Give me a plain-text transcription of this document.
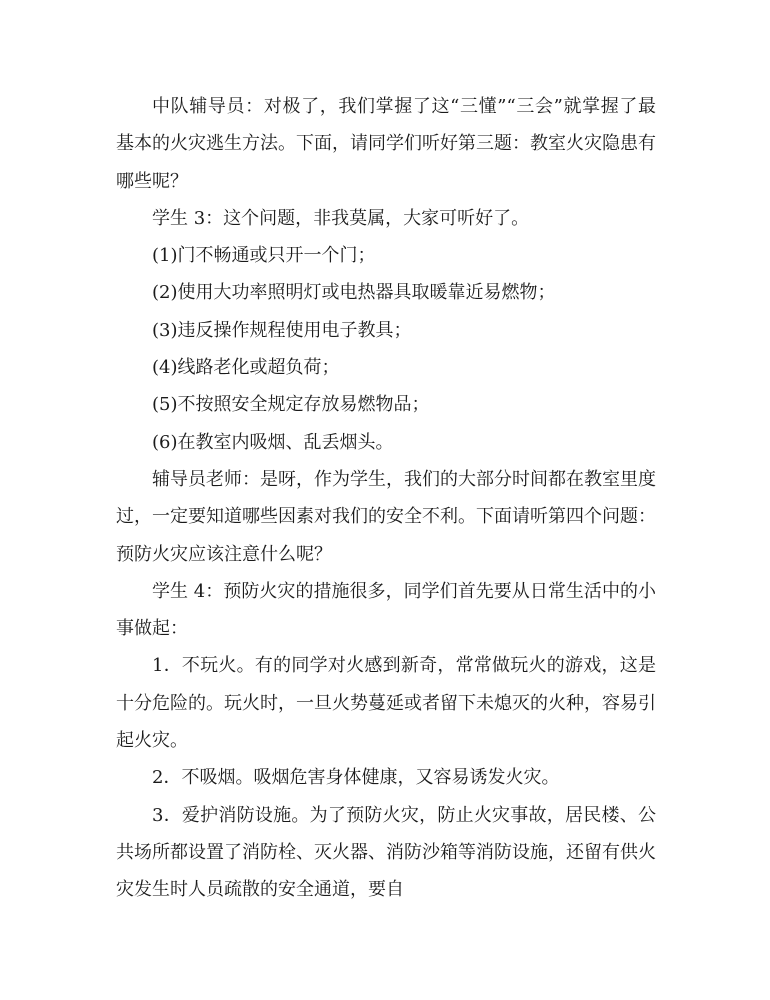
中队辅导员：对极了，我们掌握了这“三懂”“三会”就掌握了最基本的火灾逃生方法。下面，请同学们听好第三题：教室火灾隐患有哪些呢？

学生 3：这个问题，非我莫属，大家可听好了。

(1)门不畅通或只开一个门；

(2)使用大功率照明灯或电热器具取暖靠近易燃物；

(3)违反操作规程使用电子教具；

(4)线路老化或超负荷；

(5)不按照安全规定存放易燃物品；

(6)在教室内吸烟、乱丢烟头。

辅导员老师：是呀，作为学生，我们的大部分时间都在教室里度过，一定要知道哪些因素对我们的安全不利。下面请听第四个问题：预防火灾应该注意什么呢？

学生 4：预防火灾的措施很多，同学们首先要从日常生活中的小事做起：

1．不玩火。有的同学对火感到新奇，常常做玩火的游戏，这是十分危险的。玩火时，一旦火势蔓延或者留下未熄灭的火种，容易引起火灾。

2．不吸烟。吸烟危害身体健康，又容易诱发火灾。

3．爱护消防设施。为了预防火灾，防止火灾事故，居民楼、公共场所都设置了消防栓、灭火器、消防沙箱等消防设施，还留有供火灾发生时人员疏散的安全通道，要自
